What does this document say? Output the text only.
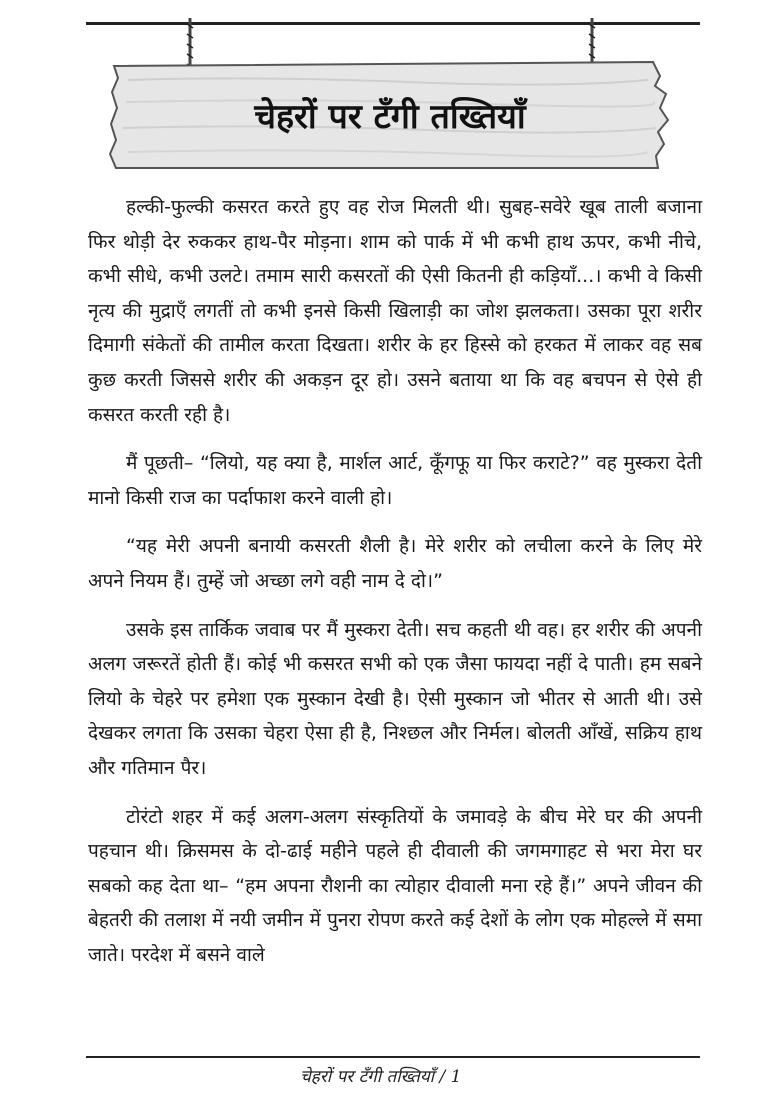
चेहरों पर टँगी तख्तियाँ

हल्की-फुल्की कसरत करते हुए वह रोज मिलती थी। सुबह-सवेरे खूब ताली बजाना फिर थोड़ी देर रुककर हाथ-पैर मोड़ना। शाम को पार्क में भी कभी हाथ ऊपर, कभी नीचे, कभी सीधे, कभी उलटे। तमाम सारी कसरतों की ऐसी कितनी ही कड़ियाँ...। कभी वे किसी नृत्य की मुद्राएँ लगतीं तो कभी इनसे किसी खिलाड़ी का जोश झलकता। उसका पूरा शरीर दिमागी संकेतों की तामील करता दिखता। शरीर के हर हिस्से को हरकत में लाकर वह सब कुछ करती जिससे शरीर की अकड़न दूर हो। उसने बताया था कि वह बचपन से ऐसे ही कसरत करती रही है।

मैं पूछती– “लियो, यह क्या है, मार्शल आर्ट, कूँगफू या फिर कराटे?” वह मुस्करा देती मानो किसी राज का पर्दाफाश करने वाली हो।

“यह मेरी अपनी बनायी कसरती शैली है। मेरे शरीर को लचीला करने के लिए मेरे अपने नियम हैं। तुम्हें जो अच्छा लगे वही नाम दे दो।”

उसके इस तार्किक जवाब पर मैं मुस्करा देती। सच कहती थी वह। हर शरीर की अपनी अलग जरूरतें होती हैं। कोई भी कसरत सभी को एक जैसा फायदा नहीं दे पाती। हम सबने लियो के चेहरे पर हमेशा एक मुस्कान देखी है। ऐसी मुस्कान जो भीतर से आती थी। उसे देखकर लगता कि उसका चेहरा ऐसा ही है, निश्छल और निर्मल। बोलती आँखें, सक्रिय हाथ और गतिमान पैर।

टोरंटो शहर में कई अलग-अलग संस्कृतियों के जमावड़े के बीच मेरे घर की अपनी पहचान थी। क्रिसमस के दो-ढाई महीने पहले ही दीवाली की जगमगाहट से भरा मेरा घर सबको कह देता था– “हम अपना रौशनी का त्योहार दीवाली मना रहे हैं।” अपने जीवन की बेहतरी की तलाश में नयी जमीन में पुनरा रोपण करते कई देशों के लोग एक मोहल्ले में समा जाते। परदेश में बसने वाले

चेहरों पर टँगी तख्तियाँ / 1
